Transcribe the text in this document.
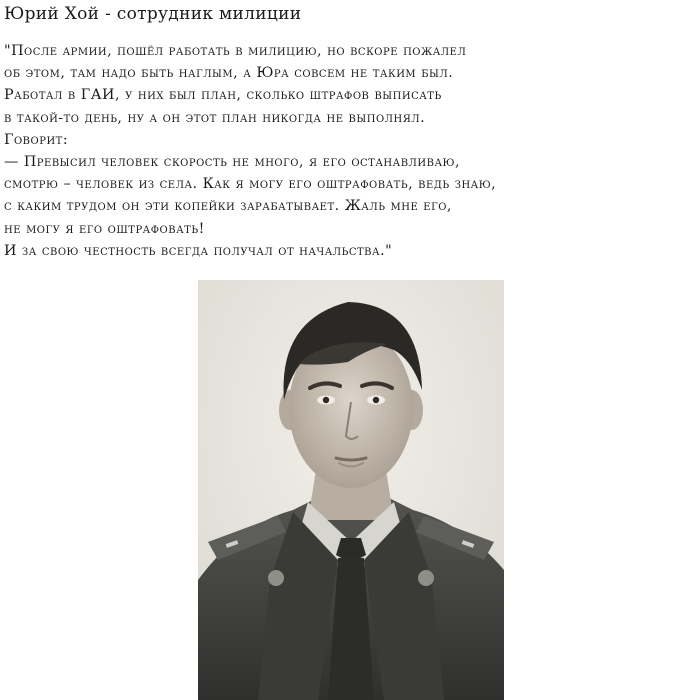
Юрий Хой - сотрудник милиции
"После армии, пошёл работать в милицию, но вскоре пожалел
об этом, там надо быть наглым, а Юра совсем не таким был.
Работал в ГАИ, у них был план, сколько штрафов выписать
в такой-то день, ну а он этот план никогда не выполнял.
Говорит:
— Превысил человек скорость не много, я его останавливаю,
смотрю – человек из села. Как я могу его оштрафовать, ведь знаю,
с каким трудом он эти копейки зарабатывает. Жаль мне его,
не могу я его оштрафовать!
И за свою честность всегда получал от начальства."
